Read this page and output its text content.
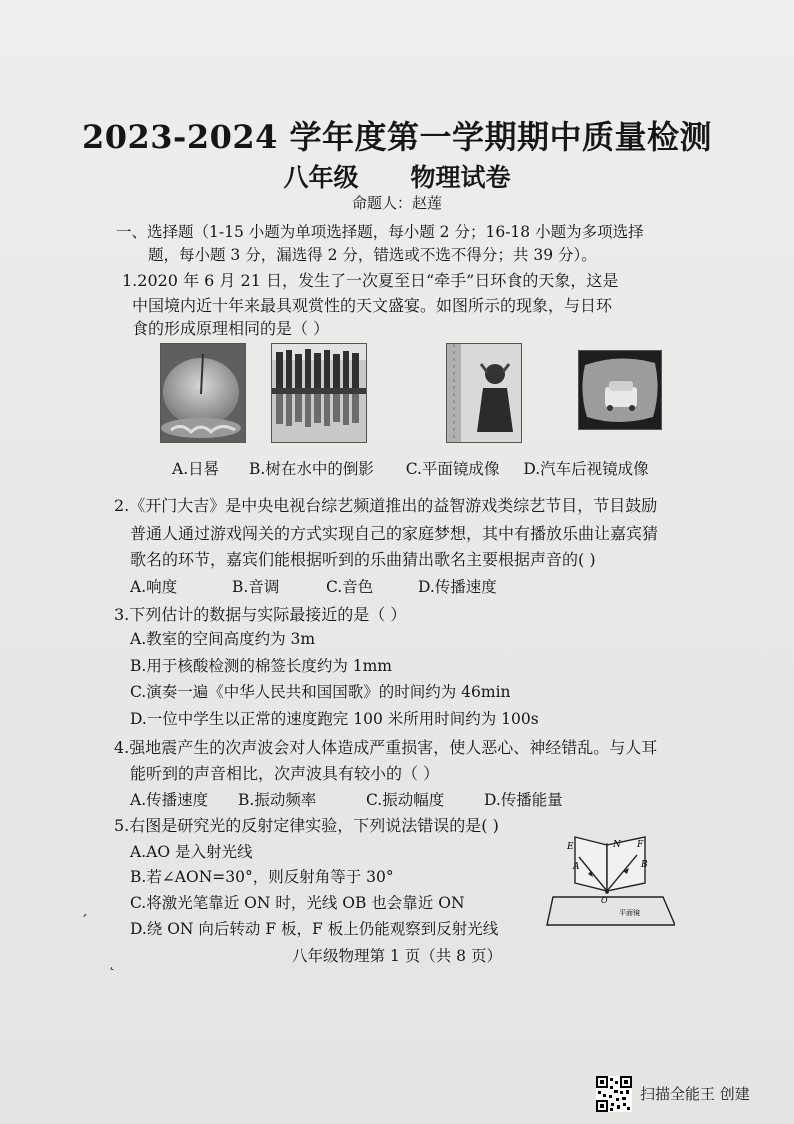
2023-2024 学年度第一学期期中质量检测
八年级 物理试卷
命题人：赵莲
一、选择题（1-15 小题为单项选择题，每小题 2 分；16-18 小题为多项选择
题，每小题 3 分，漏选得 2 分，错选或不选不得分；共 39 分）。
1.2020 年 6 月 21 日，发生了一次夏至日“牵手”日环食的天象，这是
中国境内近十年来最具观赏性的天文盛宴。如图所示的现象，与日环
食的形成原理相同的是（ ）
A.日晷 B.树在水中的倒影 C.平面镜成像 D.汽车后视镜成像
2.《开门大吉》是中央电视台综艺频道推出的益智游戏类综艺节目，节目鼓励
普通人通过游戏闯关的方式实现自己的家庭梦想，其中有播放乐曲让嘉宾猜
歌名的环节，嘉宾们能根据听到的乐曲猜出歌名主要根据声音的( )
A.响度	B.音调	C.音色	D.传播速度
3.下列估计的数据与实际最接近的是（ ）
A.教室的空间高度约为 3m
B.用于核酸检测的棉签长度约为 1mm
C.演奏一遍《中华人民共和国国歌》的时间约为 46min
D.一位中学生以正常的速度跑完 100 米所用时间约为 100s
4.强地震产生的次声波会对人体造成严重损害，使人恶心、神经错乱。与人耳
能听到的声音相比，次声波具有较小的（ ）
A.传播速度 B.振动频率	C.振动幅度	D.传播能量
5.右图是研究光的反射定律实验，下列说法错误的是( )
A.AO 是入射光线
B.若∠AON=30°，则反射角等于 30°
C.将激光笔靠近 ON 时，光线 OB 也会靠近 ON
D.绕 ON 向后转动 F 板，F 板上仍能观察到反射光线
E	N F
A	B
O
平面镜
ˊ
˛	八年级物理第 1 页（共 8 页）
扫描全能王 创建
